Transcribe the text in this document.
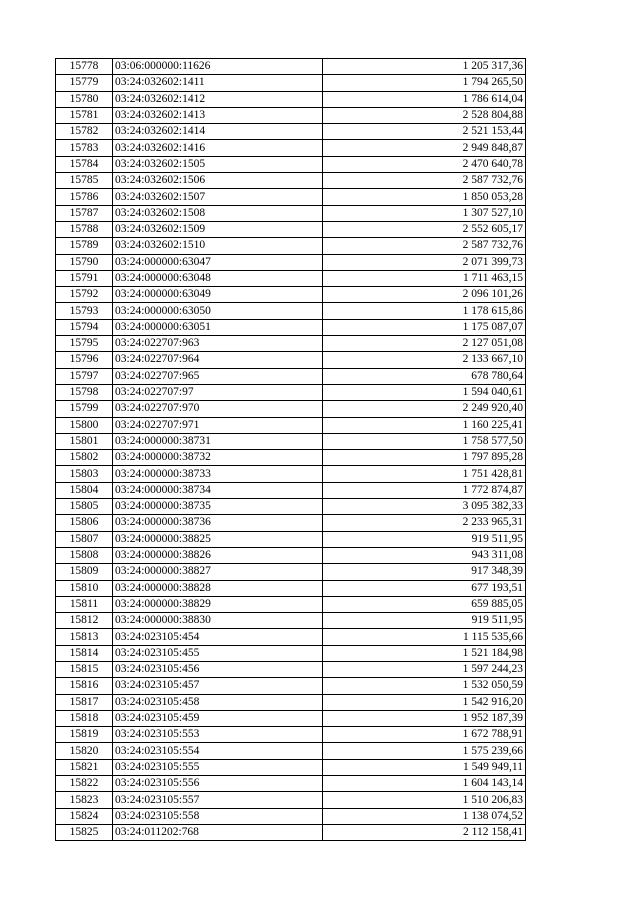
15778	03:06:000000:11626	1 205 317,36
15779	03:24:032602:1411	1 794 265,50
15780	03:24:032602:1412	1 786 614,04
15781	03:24:032602:1413	2 528 804,88
15782	03:24:032602:1414	2 521 153,44
15783	03:24:032602:1416	2 949 848,87
15784	03:24:032602:1505	2 470 640,78
15785	03:24:032602:1506	2 587 732,76
15786	03:24:032602:1507	1 850 053,28
15787	03:24:032602:1508	1 307 527,10
15788	03:24:032602:1509	2 552 605,17
15789	03:24:032602:1510	2 587 732,76
15790	03:24:000000:63047	2 071 399,73
15791	03:24:000000:63048	1 711 463,15
15792	03:24:000000:63049	2 096 101,26
15793	03:24:000000:63050	1 178 615,86
15794	03:24:000000:63051	1 175 087,07
15795	03:24:022707:963	2 127 051,08
15796	03:24:022707:964	2 133 667,10
15797	03:24:022707:965	678 780,64
15798	03:24:022707:97	1 594 040,61
15799	03:24:022707:970	2 249 920,40
15800	03:24:022707:971	1 160 225,41
15801	03:24:000000:38731	1 758 577,50
15802	03:24:000000:38732	1 797 895,28
15803	03:24:000000:38733	1 751 428,81
15804	03:24:000000:38734	1 772 874,87
15805	03:24:000000:38735	3 095 382,33
15806	03:24:000000:38736	2 233 965,31
15807	03:24:000000:38825	919 511,95
15808	03:24:000000:38826	943 311,08
15809	03:24:000000:38827	917 348,39
15810	03:24:000000:38828	677 193,51
15811	03:24:000000:38829	659 885,05
15812	03:24:000000:38830	919 511,95
15813	03:24:023105:454	1 115 535,66
15814	03:24:023105:455	1 521 184,98
15815	03:24:023105:456	1 597 244,23
15816	03:24:023105:457	1 532 050,59
15817	03:24:023105:458	1 542 916,20
15818	03:24:023105:459	1 952 187,39
15819	03:24:023105:553	1 672 788,91
15820	03:24:023105:554	1 575 239,66
15821	03:24:023105:555	1 549 949,11
15822	03:24:023105:556	1 604 143,14
15823	03:24:023105:557	1 510 206,83
15824	03:24:023105:558	1 138 074,52
15825	03:24:011202:768	2 112 158,41
